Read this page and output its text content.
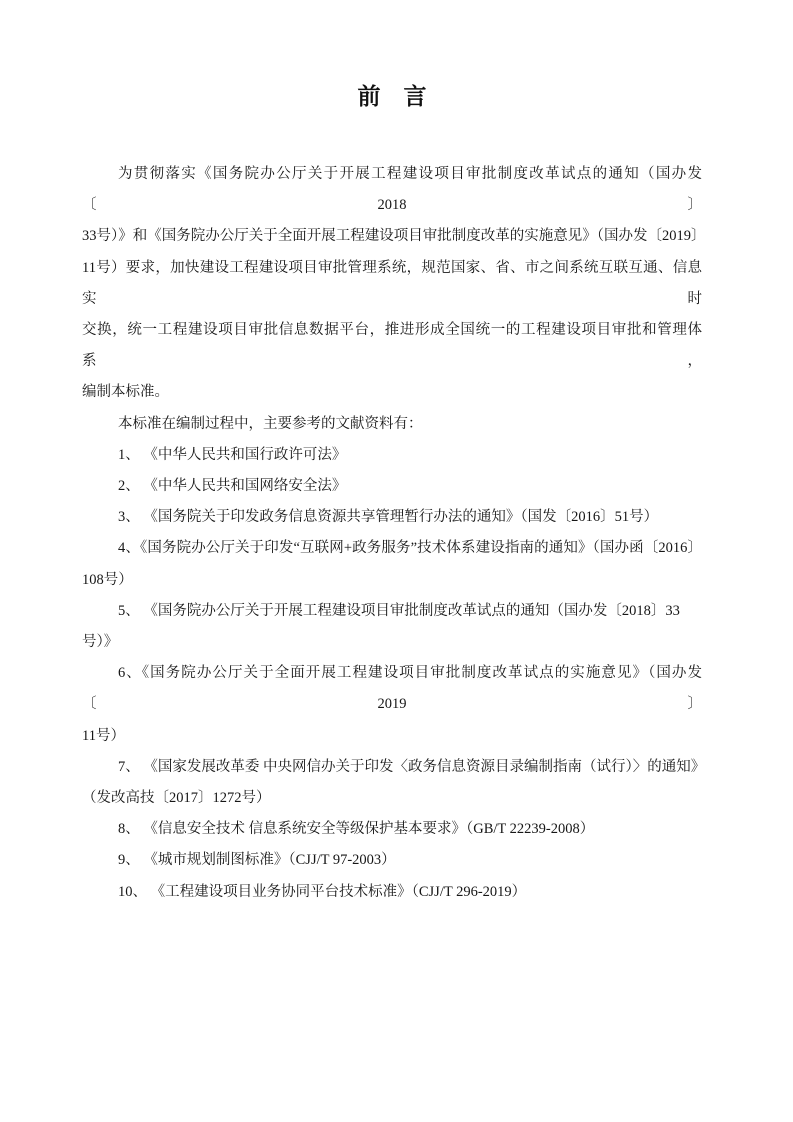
前　言
为贯彻落实《国务院办公厅关于开展工程建设项目审批制度改革试点的通知（国办发〔2018〕
33号）》和《国务院办公厅关于全面开展工程建设项目审批制度改革的实施意见》（国办发〔2019〕
11号）要求，加快建设工程建设项目审批管理系统，规范国家、省、市之间系统互联互通、信息实时
交换，统一工程建设项目审批信息数据平台，推进形成全国统一的工程建设项目审批和管理体系，
编制本标准。
本标准在编制过程中，主要参考的文献资料有：
1、 《中华人民共和国行政许可法》
2、 《中华人民共和国网络安全法》
3、 《国务院关于印发政务信息资源共享管理暂行办法的通知》（国发〔2016〕51号）
4、《国务院办公厅关于印发“互联网+政务服务”技术体系建设指南的通知》（国办函〔2016〕
108号）
5、 《国务院办公厅关于开展工程建设项目审批制度改革试点的通知（国办发〔2018〕33号）》
6、《国务院办公厅关于全面开展工程建设项目审批制度改革试点的实施意见》（国办发〔2019〕
11号）
7、 《国家发展改革委 中央网信办关于印发〈政务信息资源目录编制指南（试行）〉的通知》
（发改高技〔2017〕1272号）
8、 《信息安全技术 信息系统安全等级保护基本要求》（GB/T 22239-2008）
9、 《城市规划制图标准》（CJJ/T 97-2003）
10、 《工程建设项目业务协同平台技术标准》（CJJ/T 296-2019）
